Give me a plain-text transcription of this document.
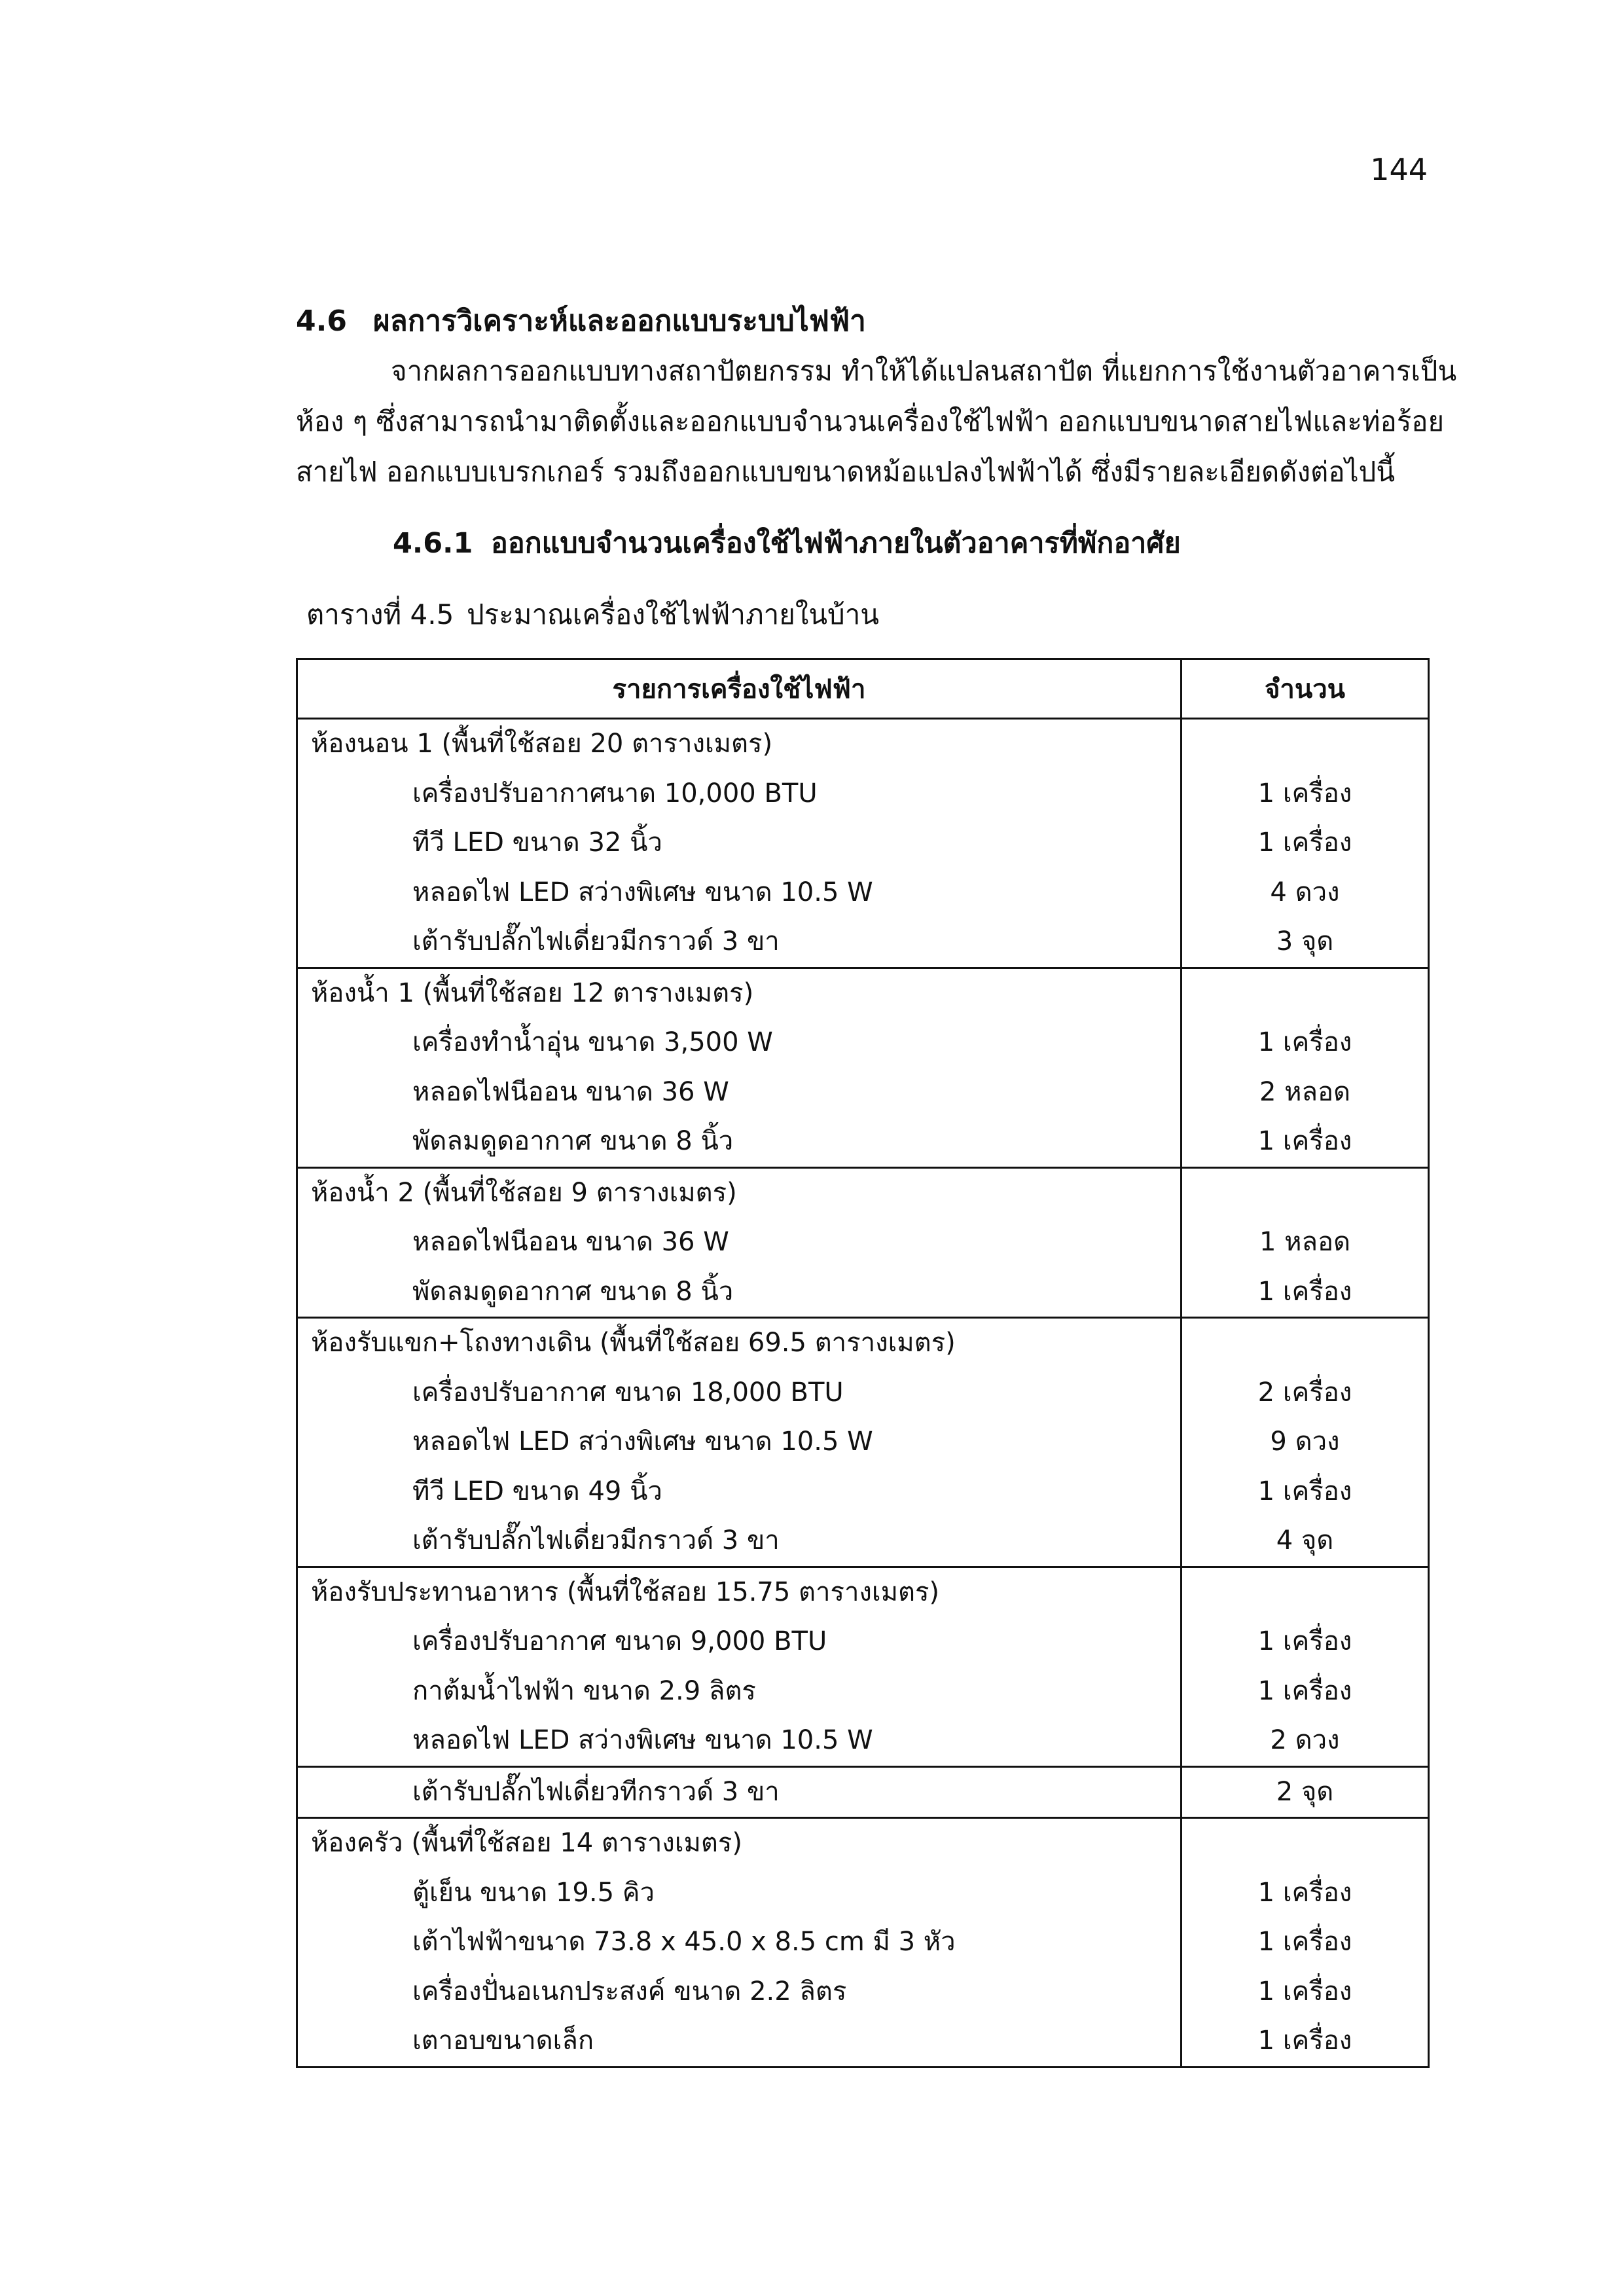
144
4.6 ผลการวิเคราะห์และออกแบบระบบไฟฟ้า
จากผลการออกแบบทางสถาปัตยกรรม ทำให้ได้แปลนสถาปัต ที่แยกการใช้งานตัวอาคารเป็น
ห้อง ๆ ซึ่งสามารถนำมาติดตั้งและออกแบบจำนวนเครื่องใช้ไฟฟ้า ออกแบบขนาดสายไฟและท่อร้อย
สายไฟ ออกแบบเบรกเกอร์ รวมถึงออกแบบขนาดหม้อแปลงไฟฟ้าได้ ซึ่งมีรายละเอียดดังต่อไปนี้
4.6.1 ออกแบบจำนวนเครื่องใช้ไฟฟ้าภายในตัวอาคารที่พักอาศัย
ตารางที่ 4.5 ประมาณเครื่องใช้ไฟฟ้าภายในบ้าน
รายการเครื่องใช้ไฟฟ้า	จำนวน
ห้องนอน 1 (พื้นที่ใช้สอย 20 ตารางเมตร)	
เครื่องปรับอากาศนาด 10,000 BTU	1 เครื่อง
ทีวี LED ขนาด 32 นิ้ว	1 เครื่อง
หลอดไฟ LED สว่างพิเศษ ขนาด 10.5 W	4 ดวง
เต้ารับปลั๊กไฟเดี่ยวมีกราวด์ 3 ขา	3 จุด
ห้องน้ำ 1 (พื้นที่ใช้สอย 12 ตารางเมตร)	
เครื่องทำน้ำอุ่น ขนาด 3,500 W	1 เครื่อง
หลอดไฟนีออน ขนาด 36 W	2 หลอด
พัดลมดูดอากาศ ขนาด 8 นิ้ว	1 เครื่อง
ห้องน้ำ 2 (พื้นที่ใช้สอย 9 ตารางเมตร)	
หลอดไฟนีออน ขนาด 36 W	1 หลอด
พัดลมดูดอากาศ ขนาด 8 นิ้ว	1 เครื่อง
ห้องรับแขก+โถงทางเดิน (พื้นที่ใช้สอย 69.5 ตารางเมตร)	
เครื่องปรับอากาศ ขนาด 18,000 BTU	2 เครื่อง
หลอดไฟ LED สว่างพิเศษ ขนาด 10.5 W	9 ดวง
ทีวี LED ขนาด 49 นิ้ว	1 เครื่อง
เต้ารับปลั๊กไฟเดี่ยวมีกราวด์ 3 ขา	4 จุด
ห้องรับประทานอาหาร (พื้นที่ใช้สอย 15.75 ตารางเมตร)	
เครื่องปรับอากาศ ขนาด 9,000 BTU	1 เครื่อง
กาต้มน้ำไฟฟ้า ขนาด 2.9 ลิตร	1 เครื่อง
หลอดไฟ LED สว่างพิเศษ ขนาด 10.5 W	2 ดวง
เต้ารับปลั๊กไฟเดี่ยวทีกราวด์ 3 ขา	2 จุด
ห้องครัว (พื้นที่ใช้สอย 14 ตารางเมตร)	
ตู้เย็น ขนาด 19.5 คิว	1 เครื่อง
เต้าไฟฟ้าขนาด 73.8 x 45.0 x 8.5 cm มี 3 หัว	1 เครื่อง
เครื่องปั่นอเนกประสงค์ ขนาด 2.2 ลิตร	1 เครื่อง
เตาอบขนาดเล็ก	1 เครื่อง
